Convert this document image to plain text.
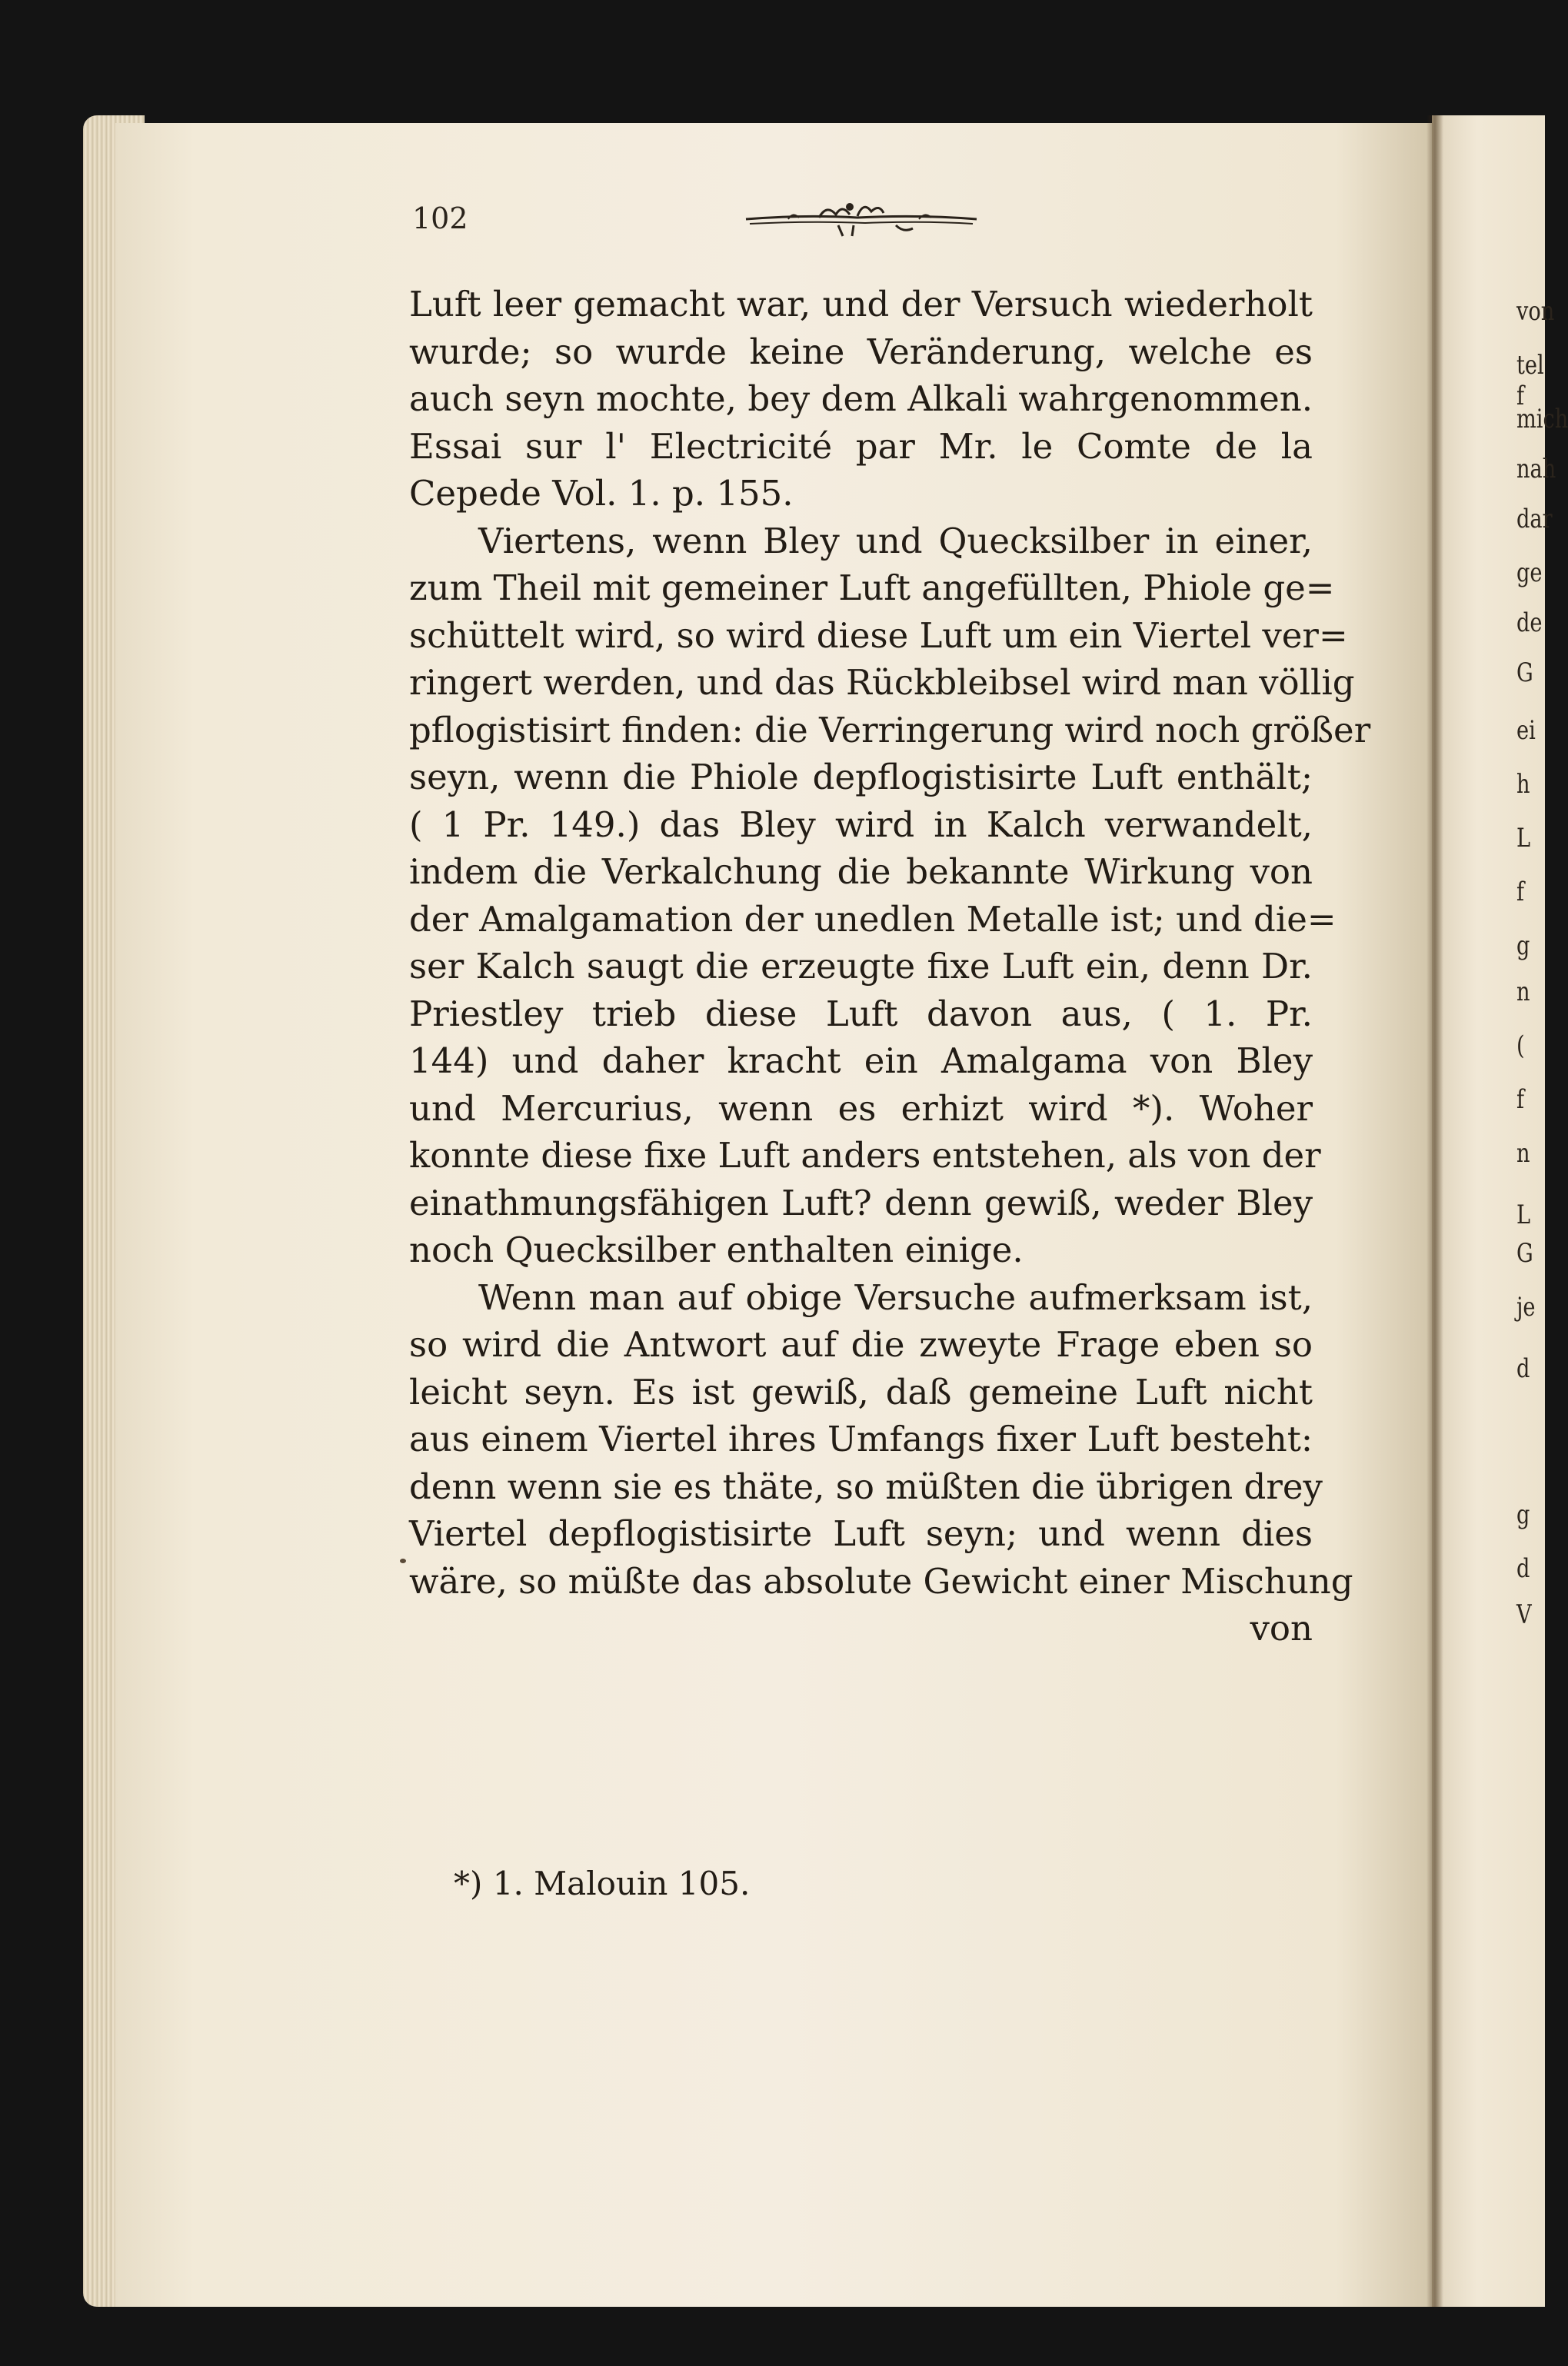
von
tel f
mich
nah
dar
ge
de
G
ei
h
L
f
g
n
(
f
n
L
G
je
d
g
d
V
102
Luft leer gemacht war, und der Versuch wiederholt
wurde; so wurde keine Veränderung, welche es
auch seyn mochte, bey dem Alkali wahrgenommen.
Essai sur l' Electricité par Mr. le Comte de la
Cepede Vol. 1. p. 155.
Viertens, wenn Bley und Quecksilber in einer,
zum Theil mit gemeiner Luft angefüllten, Phiole ge=
schüttelt wird, so wird diese Luft um ein Viertel ver=
ringert werden, und das Rückbleibsel wird man völlig
pflogistisirt finden: die Verringerung wird noch größer
seyn, wenn die Phiole depflogistisirte Luft enthält;
( 1 Pr. 149.) das Bley wird in Kalch verwandelt,
indem die Verkalchung die bekannte Wirkung von
der Amalgamation der unedlen Metalle ist; und die=
ser Kalch saugt die erzeugte fixe Luft ein, denn Dr.
Priestley trieb diese Luft davon aus, ( 1. Pr.
144) und daher kracht ein Amalgama von Bley
und Mercurius, wenn es erhizt wird *). Woher
konnte diese fixe Luft anders entstehen, als von der
einathmungsfähigen Luft? denn gewiß, weder Bley
noch Quecksilber enthalten einige.
Wenn man auf obige Versuche aufmerksam ist,
so wird die Antwort auf die zweyte Frage eben so
leicht seyn. Es ist gewiß, daß gemeine Luft nicht
aus einem Viertel ihres Umfangs fixer Luft besteht:
denn wenn sie es thäte, so müßten die übrigen drey
Viertel depflogistisirte Luft seyn; und wenn dies
wäre, so müßte das absolute Gewicht einer Mischung
von
*) 1. Malouin 105.
